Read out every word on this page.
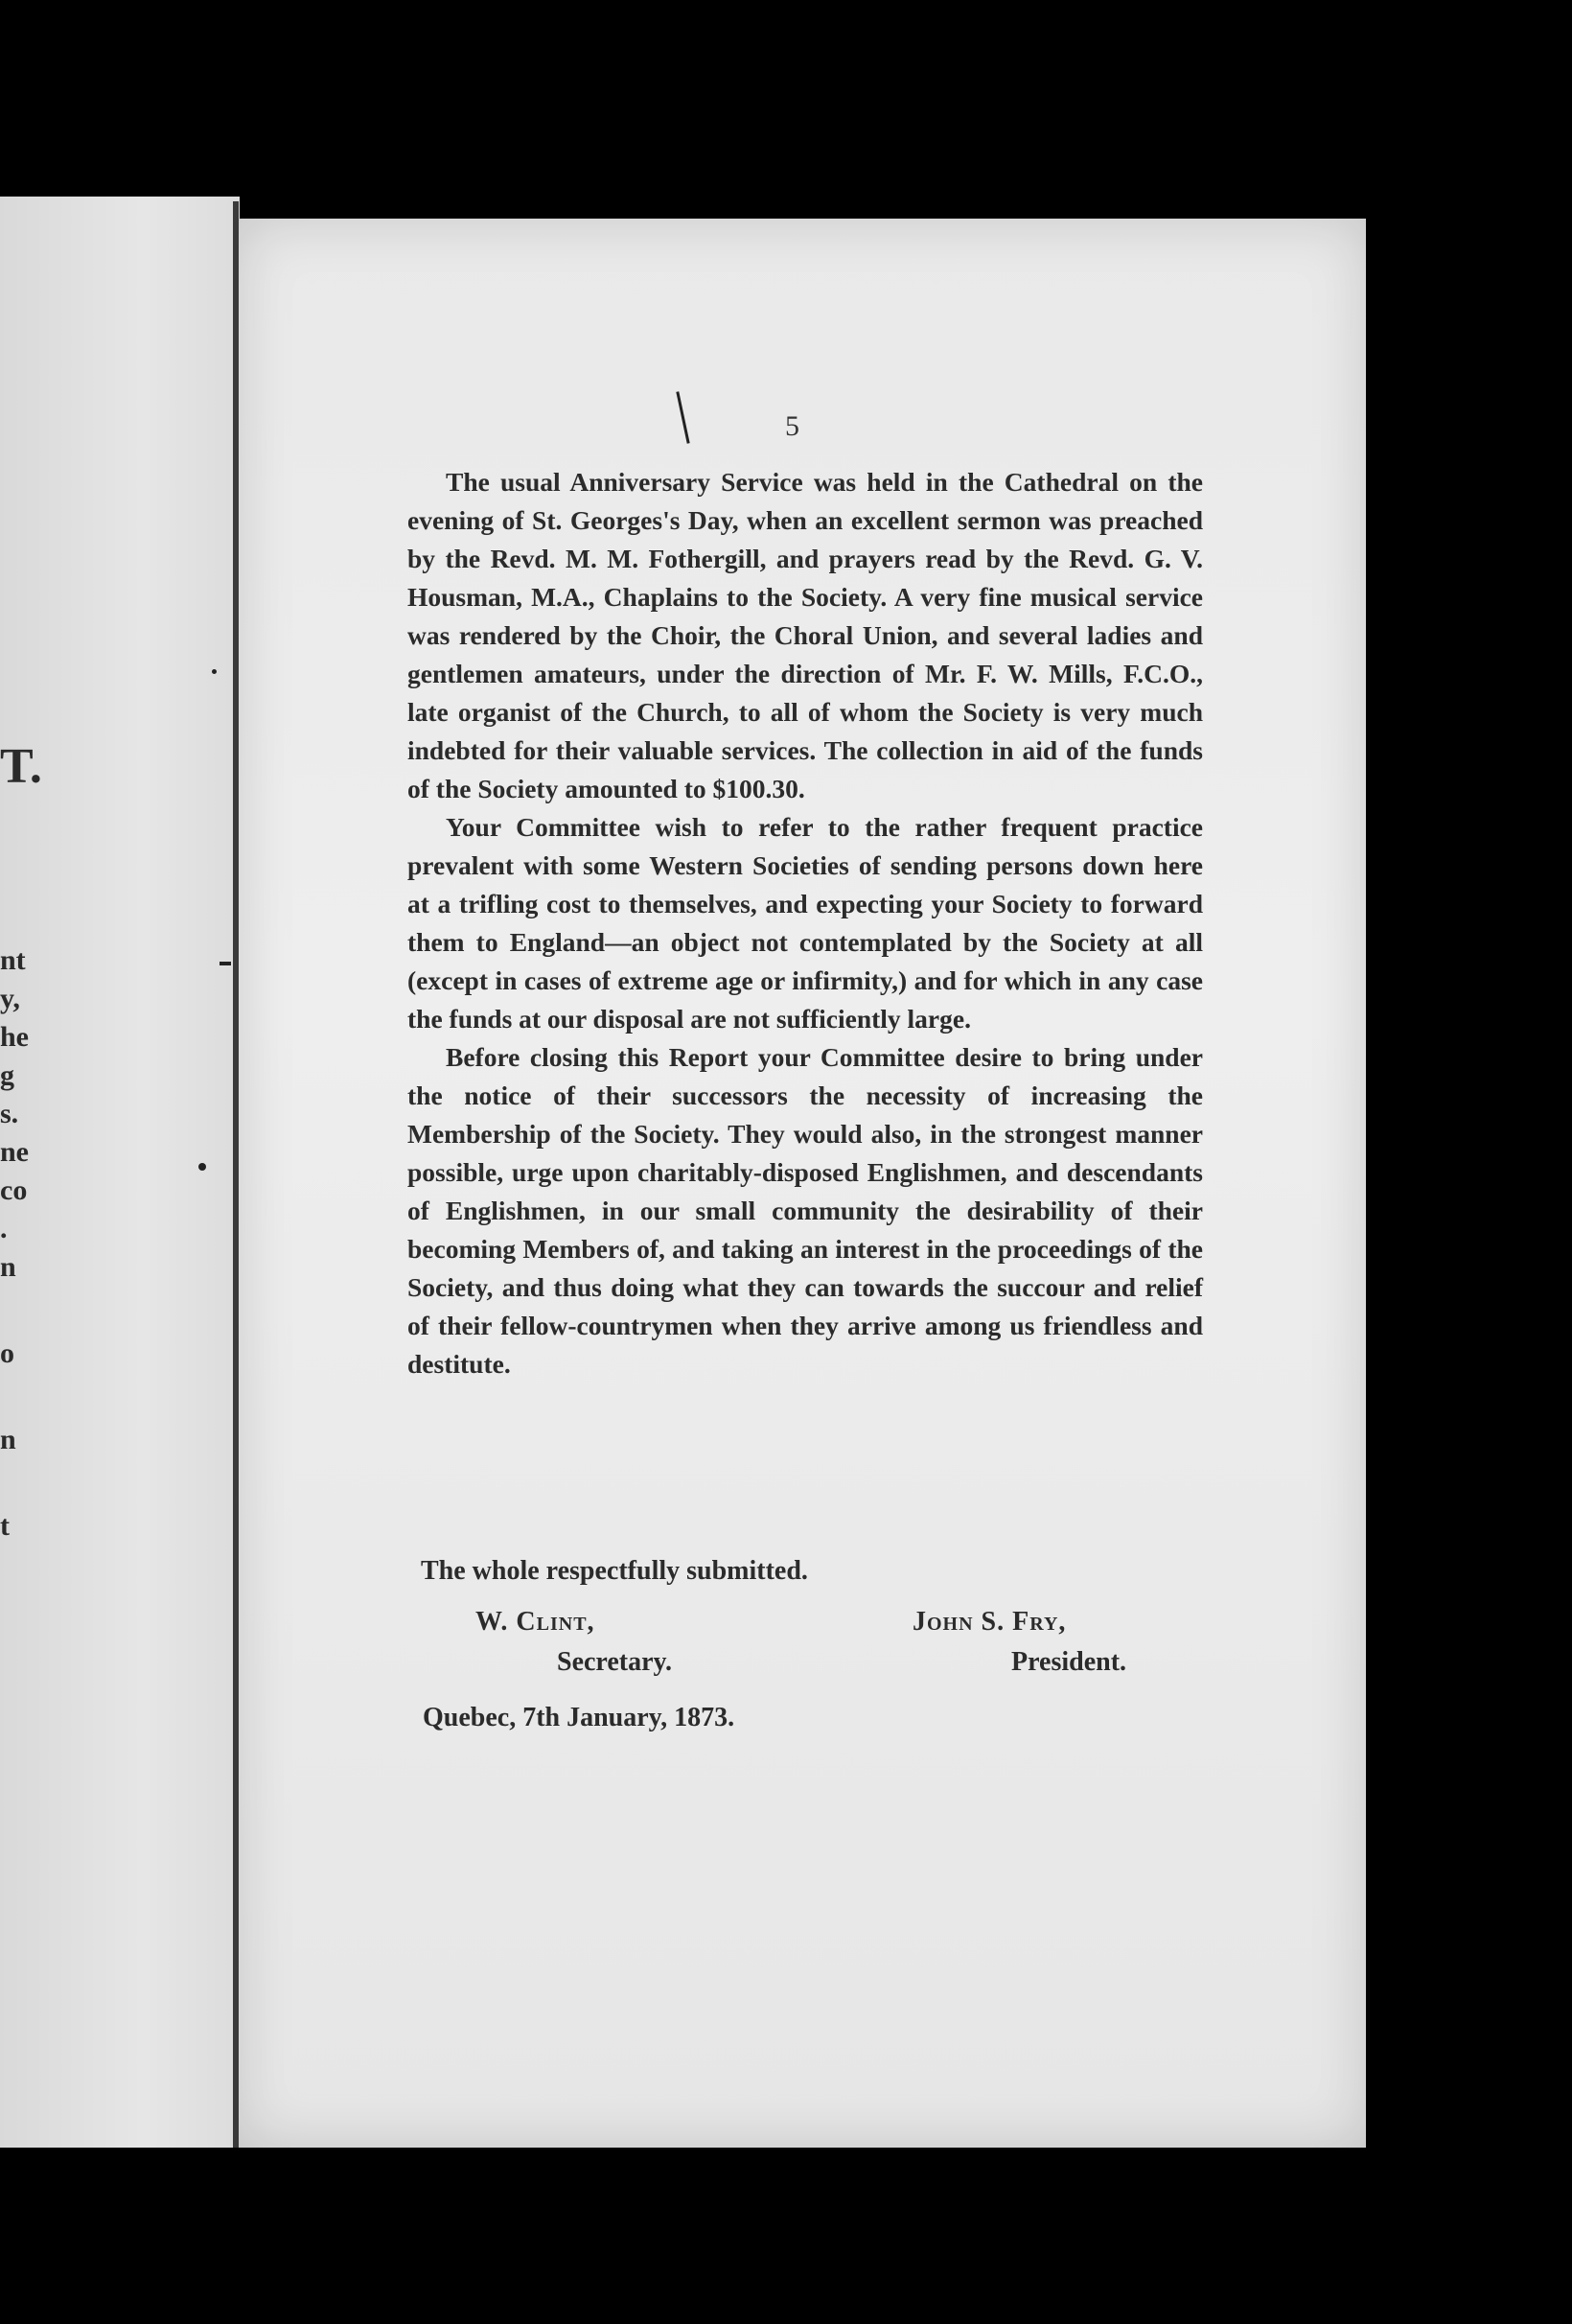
T.
nt
y,
he
g
s.
ne
co
.
n
o
n
t
5

The usual Anniversary Service was held in the Cathedral on the evening of St. Georges's Day, when an excellent sermon was preached by the Revd. M. M. Fothergill, and prayers read by the Revd. G. V. Housman, M.A., Chaplains to the Society. A very fine musical service was rendered by the Choir, the Choral Union, and several ladies and gentlemen amateurs, under the direction of Mr. F. W. Mills, F.C.O., late organist of the Church, to all of whom the Society is very much indebted for their valuable services. The collection in aid of the funds of the Society amounted to $100.30.

Your Committee wish to refer to the rather frequent practice prevalent with some Western Societies of sending persons down here at a trifling cost to themselves, and expecting your Society to forward them to England—an object not contemplated by the Society at all (except in cases of extreme age or infirmity,) and for which in any case the funds at our disposal are not sufficiently large.

Before closing this Report your Committee desire to bring under the notice of their successors the necessity of increasing the Membership of the Society. They would also, in the strongest manner possible, urge upon charitably-disposed Englishmen, and descendants of Englishmen, in our small community the desirability of their becoming Members of, and taking an interest in the proceedings of the Society, and thus doing what they can towards the succour and relief of their fellow-countrymen when they arrive among us friendless and destitute.

The whole respectfully submitted.
W. Clint,
Secretary.
John S. Fry,
President.
Quebec, 7th January, 1873.
